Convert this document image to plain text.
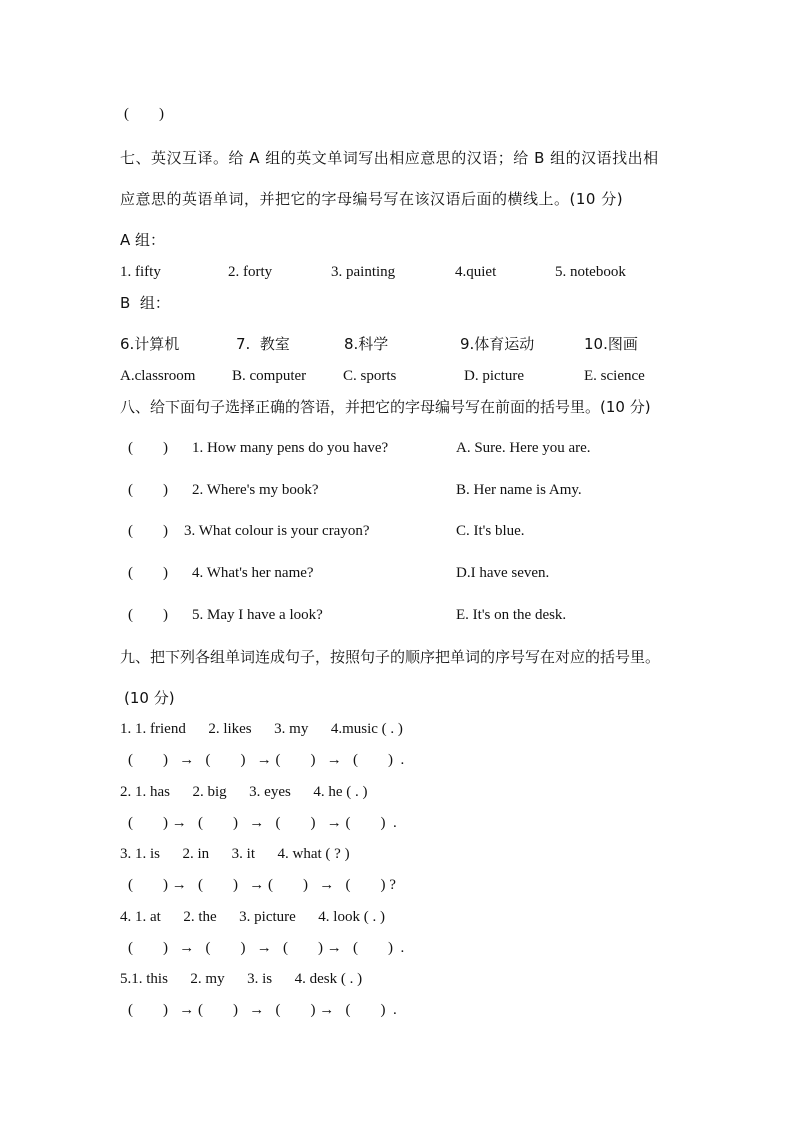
(        )
七、英汉互译。给 A 组的英文单词写出相应意思的汉语；给 B 组的汉语找出相
应意思的英语单词，并把它的字母编号写在该汉语后面的横线上。(10 分)
A 组：
1. fifty	2. forty	3. painting	4.quiet	5. notebook
B  组：
6.计算机	7.  教室	8.科学	9.体育运动	10.图画
A.classroom B. computer C. sports	D. picture	E. science
八、给下面句子选择正确的答语，并把它的字母编号写在前面的括号里。(10 分)
(        ) 1. How many pens do you have?	A. Sure. Here you are.
(        ) 2. Where's my book?	B. Her name is Amy.
(        ) 3. What colour is your crayon?	C. It's blue.
(        ) 4. What's her name?	D.I have seven.
(        ) 5. May I have a look?	E. It's on the desk.
九、把下列各组单词连成句子，按照句子的顺序把单词的序号写在对应的括号里。
(10 分)
1. 1. friend      2. likes      3. my      4.music ( . )
(        )   →   (        )   → (        )   →   (        )  .
2. 1. has      2. big      3. eyes      4. he ( . )
(        ) →   (        )   →   (        )   → (        )  .
3. 1. is      2. in      3. it      4. what ( ? )
(        ) →   (        )   → (        )   →   (        ) ?
4. 1. at      2. the      3. picture      4. look ( . )
(        )   →   (        )   →   (        ) →   (        )  .
5.1. this      2. my      3. is      4. desk ( . )
(        )   → (        )   →   (        ) →   (        )  .
